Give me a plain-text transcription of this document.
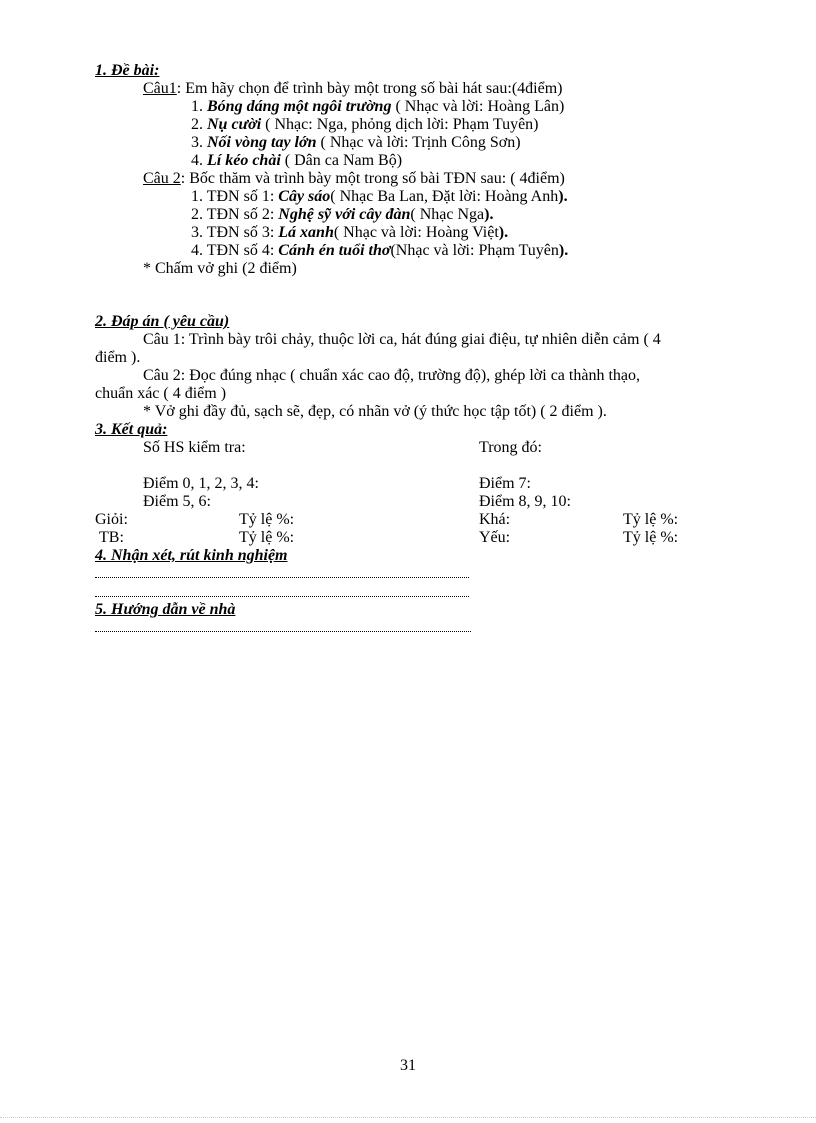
1. Đề bài:
Câu1: Em hãy chọn để trình bày một trong số bài hát sau:(4điểm)
1. Bóng dáng một ngôi trường ( Nhạc và lời: Hoàng Lân)
2. Nụ cười ( Nhạc: Nga, phỏng dịch lời: Phạm Tuyên)
3. Nối vòng tay lớn ( Nhạc và lời: Trịnh Công Sơn)
4. Lí kéo chài ( Dân ca Nam Bộ)
Câu 2: Bốc thăm và trình bày một trong số bài TĐN sau: ( 4điểm)
1. TĐN số 1: Cây sáo( Nhạc Ba Lan, Đặt lời: Hoàng Anh).
2. TĐN số 2: Nghệ sỹ với cây đàn( Nhạc Nga).
3. TĐN số 3: Lá xanh( Nhạc và lời: Hoàng Việt).
4. TĐN số 4: Cánh én tuổi thơ(Nhạc và lời: Phạm Tuyên).
* Chấm vở ghi (2 điểm)
2. Đáp án ( yêu cầu)
Câu 1: Trình bày trôi chảy, thuộc lời ca, hát đúng giai điệu, tự nhiên diễn cảm ( 4
điểm ).
Câu 2: Đọc đúng nhạc ( chuẩn xác cao độ, trường độ), ghép lời ca thành thạo,
chuẩn xác ( 4 điểm )
* Vở ghi đầy đủ, sạch sẽ, đẹp, có nhãn vở (ý thức học tập tốt) ( 2 điểm ).
3. Kết quả:
Số HS kiểm tra:	Trong đó:
Điểm 0, 1, 2, 3, 4:	Điểm 7:
Điểm 5, 6:	Điểm 8, 9, 10:
Giỏi:	Tỷ lệ %:	Khá:	Tỷ lệ %:
TB:	Tỷ lệ %:	Yếu:	Tỷ lệ %:
4. Nhận xét, rút kinh nghiệm
5. Hướng dẫn về nhà
31
